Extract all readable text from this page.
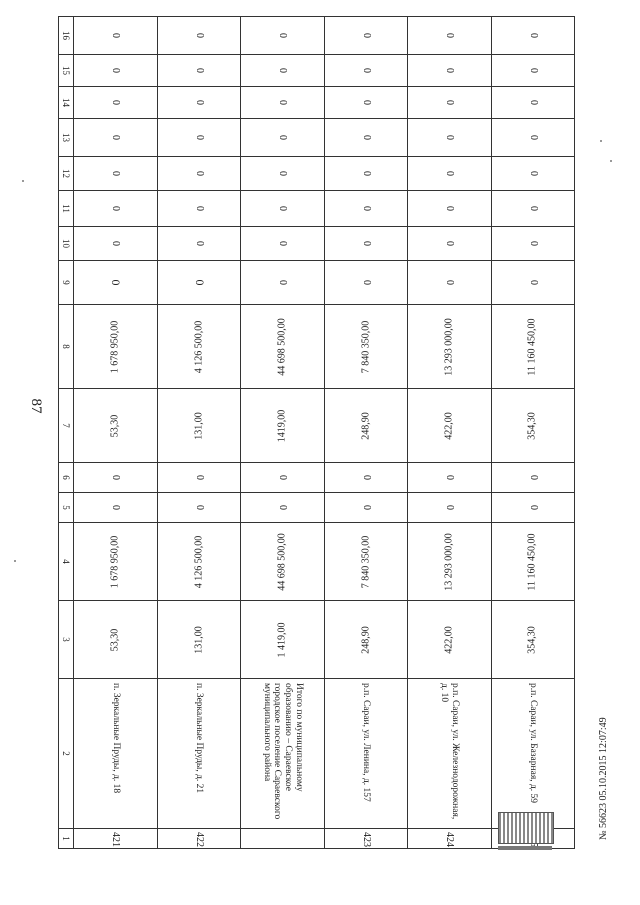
87
0	0	0	0	0	0	0	0	11 160 450,00	354,30	0	0	11 160 450,00	354,30	р.п. Сараи, ул. Базарная, д. 59	
0	0	0	0	0	0	0	0	13 293 000,00	422,00	0	0	13 293 000,00	422,00	р.п. Сараи, ул. Железнодорожная, д. 10	424
0	0	0	0	0	0	0	0	7 840 350,00	248,90	0	0	7 840 350,00	248,90	р.п. Сараи, ул. Ленина, д. 157	423
0	0	0	0	0	0	0	0	44 698 500,00	1419,00	0	0	44 698 500,00	1 419,00	Итого по муниципальному образованию – Сараевское городское поселение Сараевского муниципального района	
0	0	0	0	0	0	0	0	4 126 500,00	131,00	0	0	4 126 500,00	131,00	п. Зеркальные Пруды, д. 21	422
0	0	0	0	0	0	0	0	1 678 950,00	53,30	0	0	1 678 950,00	53,30	п. Зеркальные Пруды, д. 18	421
16	15	14	13	12	11	10	9	8	7	6	5	4	3	2	1	№ 56623 05.10.2015 12:07:49
